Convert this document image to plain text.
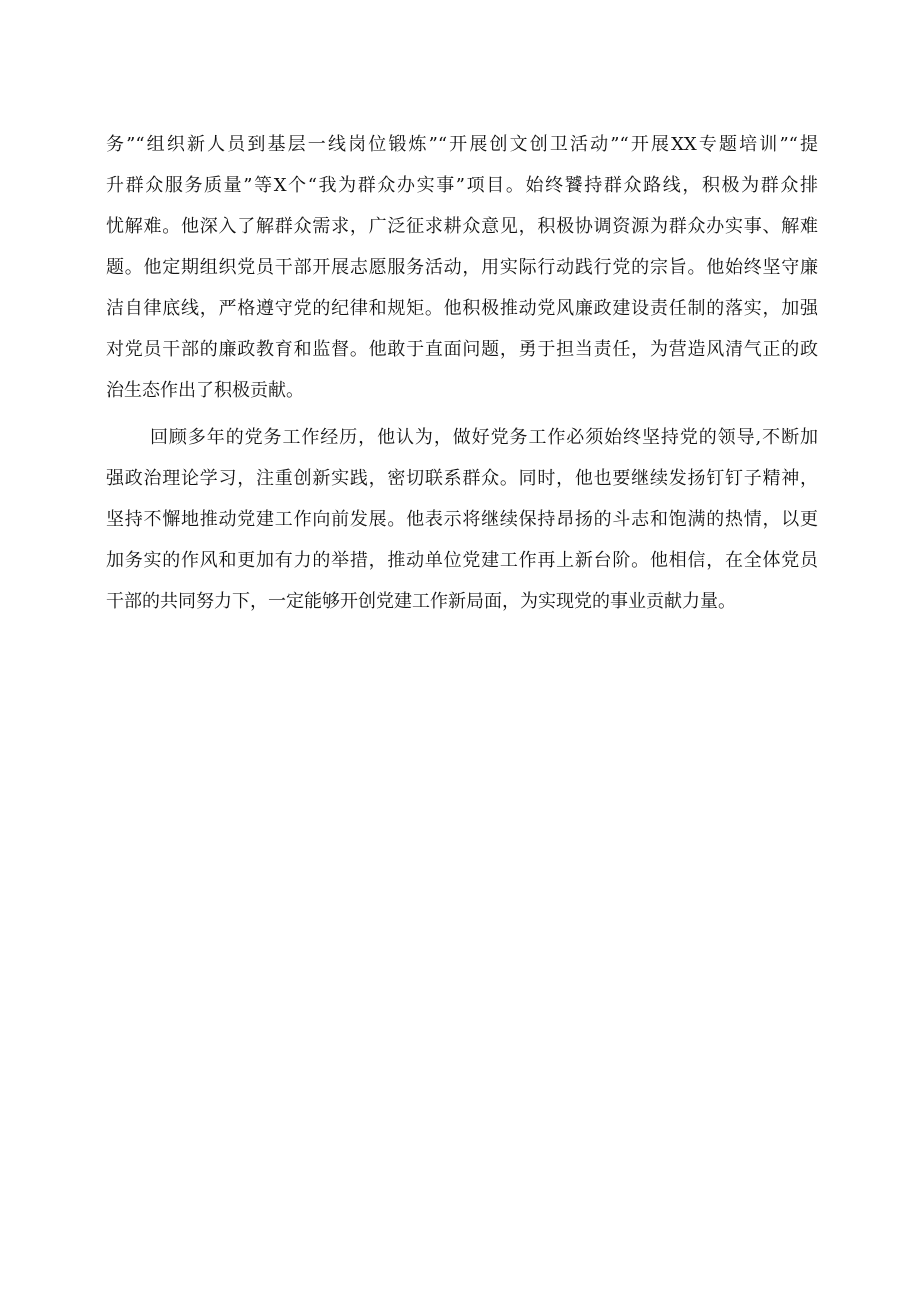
务”“组织新人员到基层一线岗位锻炼”“开展创文创卫活动”“开展XX专题培训”“提
升群众服务质量”等X个“我为群众办实事”项目。始终饕持群众路线，积极为群众排
忧解难。他深入了解群众需求，广泛征求耕众意见，积极协调资源为群众办实事、解难
题。他定期组织党员干部开展志愿服务活动，用实际行动践行党的宗旨。他始终坚守廉
洁自律底线，严格遵守党的纪律和规矩。他积极推动党风廉政建设责任制的落实，加强
对党员干部的廉政教育和监督。他敢于直面问题，勇于担当责任，为营造风清气正的政
治生态作出了积极贡献。
回顾多年的党务工作经历，他认为，做好党务工作必须始终坚持党的领导,不断加
强政治理论学习，注重创新实践，密切联系群众。同时，他也要继续发扬钉钉子精神，
坚持不懈地推动党建工作向前发展。他表示将继续保持昂扬的斗志和饱满的热情，以更
加务实的作风和更加有力的举措，推动单位党建工作再上新台阶。他相信，在全体党员
干部的共同努力下，一定能够开创党建工作新局面，为实现党的事业贡献力量。
